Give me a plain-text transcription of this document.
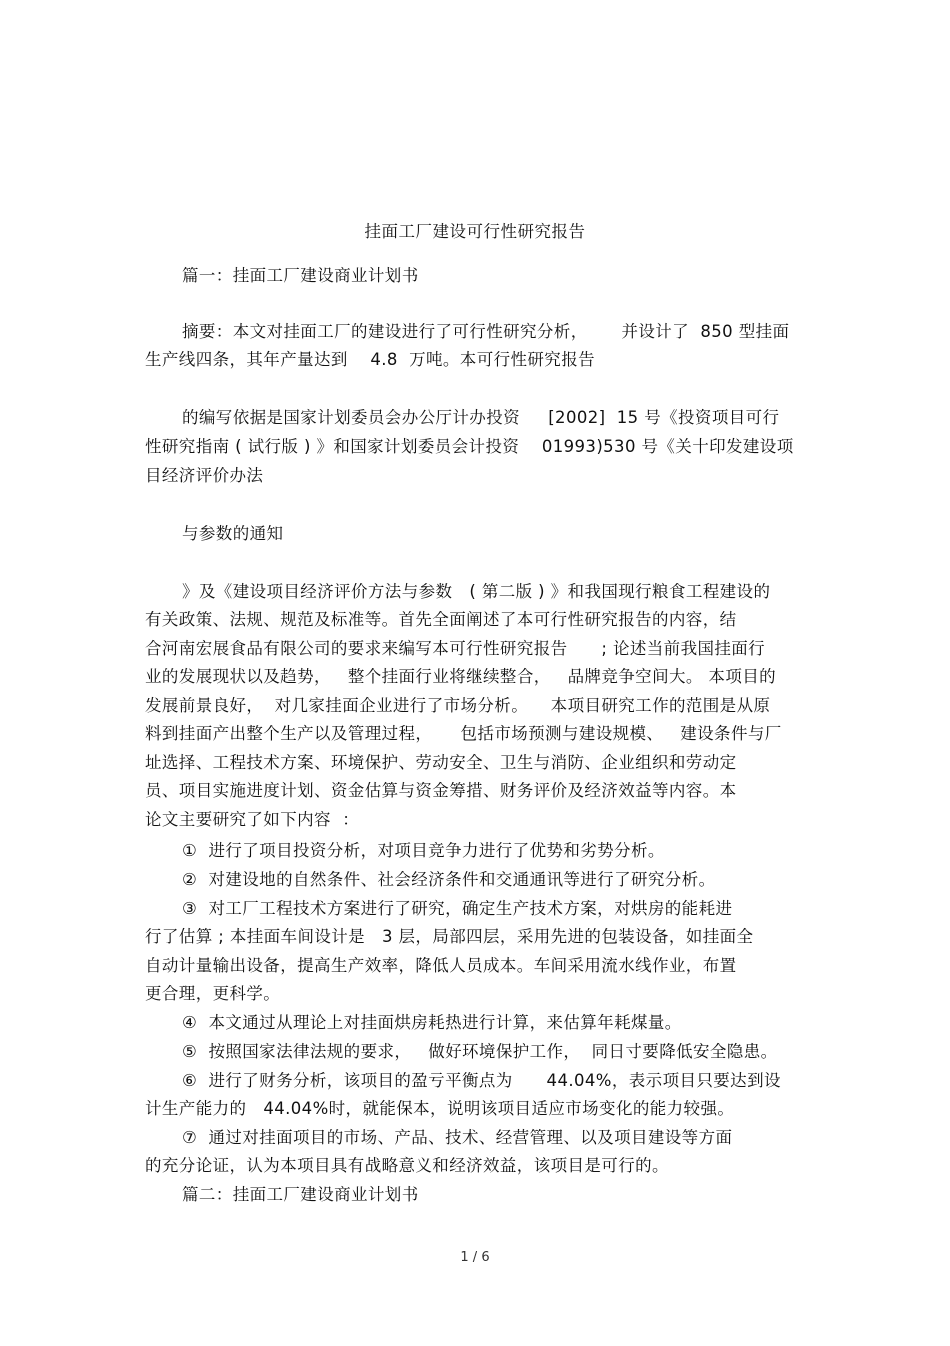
挂面工厂建设可行性研究报告
篇一：挂面工厂建设商业计划书
摘要：本文对挂面工厂的建设进行了可行性研究分析，      并设计了  850 型挂面
生产线四条，其年产量达到    4.8  万吨。本可行性研究报告
的编写依据是国家计划委员会办公厅计办投资     [2002]  15 号《投资项目可行
性研究指南 ( 试行版 ) 》和国家计划委员会计投资    01993)530 号《关十印发建设项
目经济评价办法
与参数的通知
》及《建设项目经济评价方法与参数   ( 第二版 ) 》和我国现行粮食工程建设的
有关政策、法规、规范及标准等。首先全面阐述了本可行性研究报告的内容，结
合河南宏展食品有限公司的要求来编写本可行性研究报告      ; 论述当前我国挂面行
业的发展现状以及趋势，   整个挂面行业将继续整合，   品牌竞争空间大。 本项目的
发展前景良好，  对几家挂面企业进行了市场分析。    本项目研究工作的范围是从原
料到挂面产出整个生产以及管理过程，     包括市场预测与建设规模、   建设条件与厂
址选择、工程技术方案、环境保护、劳动安全、卫生与消防、企业组织和劳动定
员、项目实施进度计划、资金估算与资金筹措、财务评价及经济效益等内容。本
论文主要研究了如下内容  ：
①  进行了项目投资分析，对项目竞争力进行了优势和劣势分析。
②  对建设地的自然条件、社会经济条件和交通通讯等进行了研究分析。
③  对工厂工程技术方案进行了研究，确定生产技术方案，对烘房的能耗进
行了估算 ; 本挂面车间设计是   3 层，局部四层，采用先进的包装设备，如挂面全
自动计量输出设备，提高生产效率，降低人员成本。车间采用流水线作业，布置
更合理，更科学。
④  本文通过从理论上对挂面烘房耗热进行计算，来估算年耗煤量。
⑤  按照国家法律法规的要求，   做好环境保护工作，  同日寸要降低安全隐患。
⑥  进行了财务分析，该项目的盈亏平衡点为      44.04%，表示项目只要达到设
计生产能力的   44.04%时，就能保本，说明该项目适应市场变化的能力较强。
⑦  通过对挂面项目的市场、产品、技术、经营管理、以及项目建设等方面
的充分论证，认为本项目具有战略意义和经济效益，该项目是可行的。
篇二：挂面工厂建设商业计划书
1 / 6
